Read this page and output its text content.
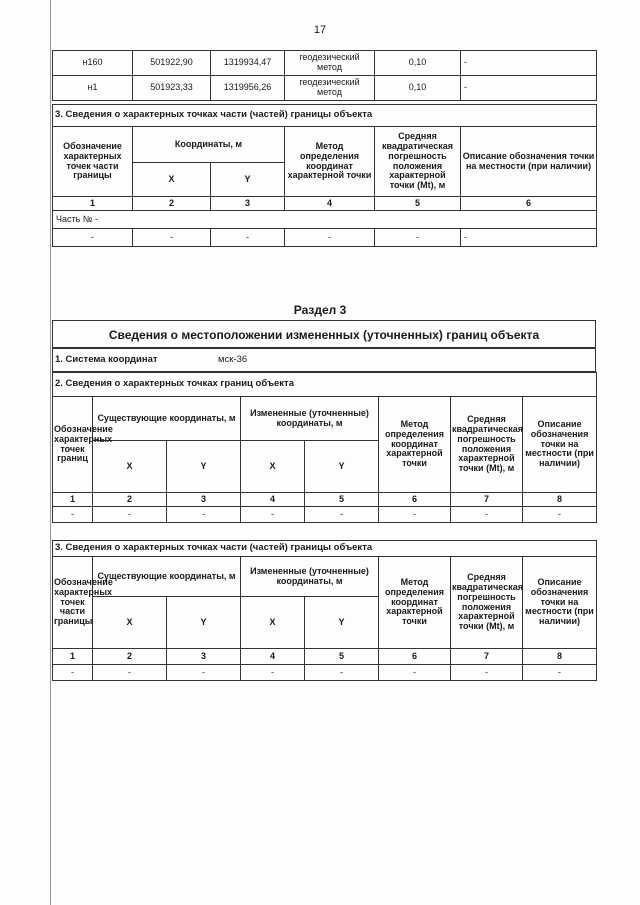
17
н160	501922,90	1319934,47	геодезический метод	0,10	-
н1	501923,33	1319956,26	геодезический метод	0,10	-
3. Сведения о характерных точках части (частей) границы объекта					
Обозначение характерных точек части границы	Координаты, м		Метод определения координат характерной точки	Средняя квадратическая погрешность положения характерной точки (Mt), м	Описание обозначения точки на местности (при наличии)
	X	Y			
1	2	3	4	5	6
Часть № -					
-	-	-	-	-	-
Раздел 3
Сведения о местоположении измененных (уточненных) границ объекта
1. Система координат	мск-36
2. Сведения о характерных точках границ объекта							
Обозначение характерных точек границ	Существующие координаты, м		Измененные (уточненные) координаты, м		Метод определения координат характерной точки	Средняя квадратическая погрешность положения характерной точки (Mt), м	Описание обозначения точки на местности (при наличии)
	X	Y	X	Y			
1	2	3	4	5	6	7	8
-	-	-	-	-	-	-	-
3. Сведения о характерных точках части (частей) границы объекта							
Обозначение характерных точек части границы	Существующие координаты, м		Измененные (уточненные) координаты, м		Метод определения координат характерной точки	Средняя квадратическая погрешность положения характерной точки (Mt), м	Описание обозначения точки на местности (при наличии)
	X	Y	X	Y			
1	2	3	4	5	6	7	8
-	-	-	-	-	-	-	-
